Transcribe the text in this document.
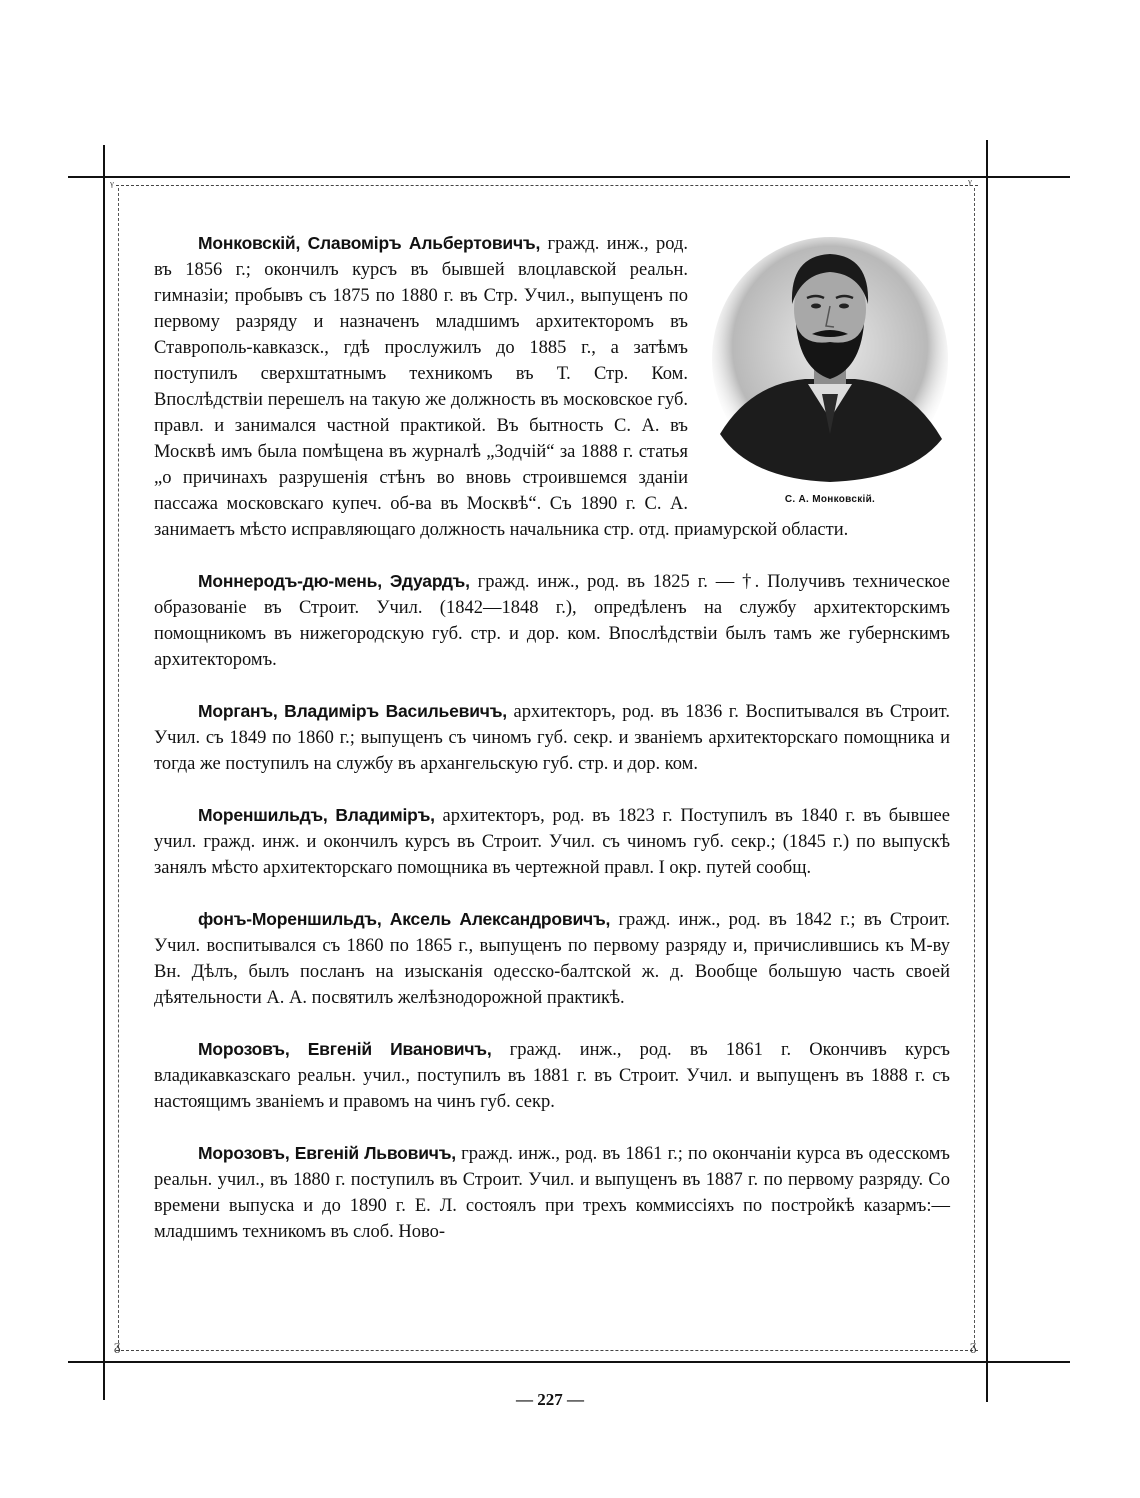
ᵞ	ᵞ
ᵹ	ᵹ

С. А. Монковскій.
Монковскій, Славоміръ Альбертовичъ, гражд. инж., род. въ 1856 г.; окончилъ курсъ въ бывшей влоцлавской реальн. гимназіи; пробывъ съ 1875 по 1880 г. въ Стр. Учил., выпущенъ по первому разряду и назначенъ младшимъ архитекторомъ въ Ставрополь-кавказск., гдѣ прослужилъ до 1885 г., а затѣмъ поступилъ сверхштатнымъ техникомъ въ Т. Стр. Ком. Впослѣдствіи перешелъ на такую же должность въ московское губ. правл. и занимался частной практикой. Въ бытность С. А. въ Москвѣ имъ была помѣщена въ журналѣ „Зодчій“ за 1888 г. статья „о причинахъ разрушенія стѣнъ во вновь строившемся зданіи пассажа московскаго купеч. об-ва въ Москвѣ“. Съ 1890 г. С. А. занимаетъ мѣсто исправляющаго должность начальника стр. отд. приамурской области.

Моннеродъ-дю-мень, Эдуардъ, гражд. инж., род. въ 1825 г. — †. Получивъ техническое образованіе въ Строит. Учил. (1842—1848 г.), опредѣленъ на службу архитекторскимъ помощникомъ въ нижегородскую губ. стр. и дор. ком. Впослѣдствіи былъ тамъ же губернскимъ архитекторомъ.

Морганъ, Владиміръ Васильевичъ, архитекторъ, род. въ 1836 г. Воспитывался въ Строит. Учил. съ 1849 по 1860 г.; выпущенъ съ чиномъ губ. секр. и званіемъ архитекторскаго помощника и тогда же поступилъ на службу въ архангельскую губ. стр. и дор. ком.

Мореншильдъ, Владиміръ, архитекторъ, род. въ 1823 г. Поступилъ въ 1840 г. въ бывшее учил. гражд. инж. и окончилъ курсъ въ Строит. Учил. съ чиномъ губ. секр.; (1845 г.) по выпускѣ занялъ мѣсто архитекторскаго помощника въ чертежной правл. I окр. путей сообщ.

фонъ-Мореншильдъ, Аксель Александровичъ, гражд. инж., род. въ 1842 г.; въ Строит. Учил. воспитывался съ 1860 по 1865 г., выпущенъ по первому разряду и, причислившись къ М-ву Вн. Дѣлъ, былъ посланъ на изысканія одесско-балтской ж. д. Вообще большую часть своей дѣятельности А. А. посвятилъ желѣзнодорожной практикѣ.

Морозовъ, Евгеній Ивановичъ, гражд. инж., род. въ 1861 г. Окончивъ курсъ владикавказскаго реальн. учил., поступилъ въ 1881 г. въ Строит. Учил. и выпущенъ въ 1888 г. съ настоящимъ званіемъ и правомъ на чинъ губ. секр.

Морозовъ, Евгеній Львовичъ, гражд. инж., род. въ 1861 г.; по окончаніи курса въ одесскомъ реальн. учил., въ 1880 г. поступилъ въ Строит. Учил. и выпущенъ въ 1887 г. по первому разряду. Со времени выпуска и до 1890 г. Е. Л. состоялъ при трехъ коммиссіяхъ по постройкѣ казармъ:—младшимъ техникомъ въ слоб. Ново-

— 227 —
